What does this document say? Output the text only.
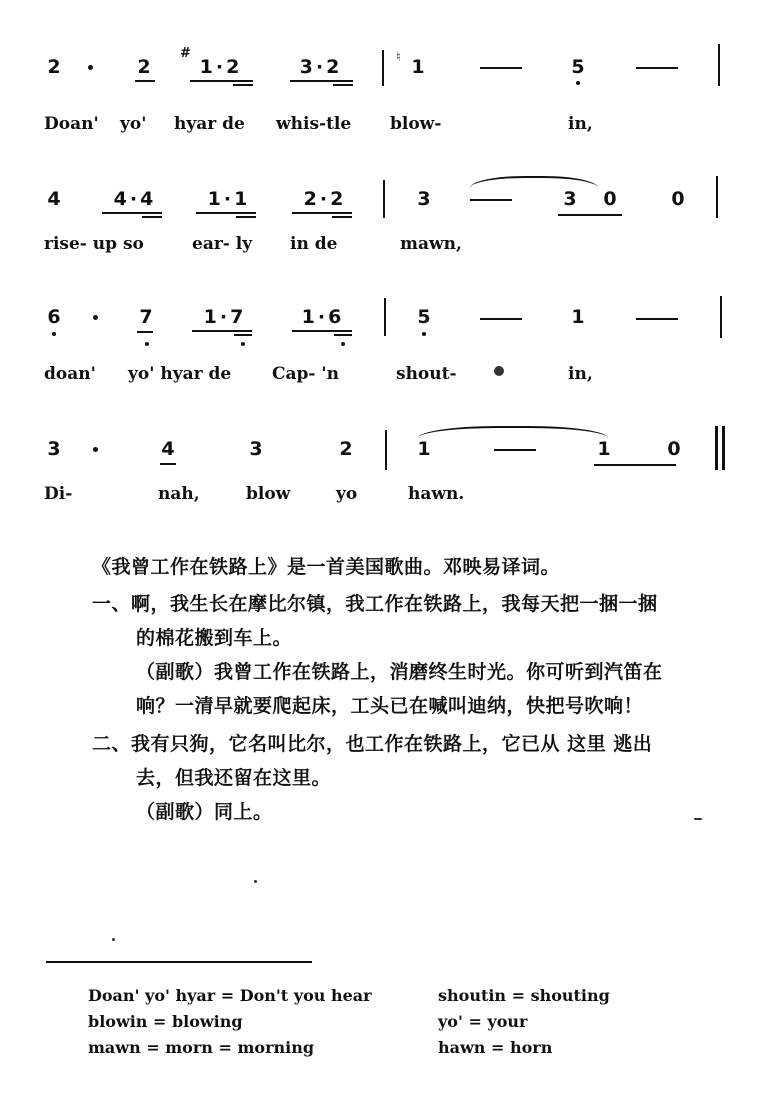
2	2
#
1·2	3·2	♮ 1	5
Doan' yo' hyar de whis-tle blow-	in,
4	4·4	1·1	2·2	3	3 0	0
rise- up so	ear- ly in de	mawn,
6	7	1·7	1·6	5	1
doan' yo' hyar de Cap- 'n	shout-	in,
3	4	3	2	1	1	0
Di-	nah,	blow	yo	hawn.
《我曾工作在铁路上》是一首美国歌曲。邓映易译词。
一、啊，我生长在摩比尔镇，我工作在铁路上，我每天把一捆一捆
的棉花搬到车上。
（副歌）我曾工作在铁路上，消磨终生时光。你可听到汽笛在
响？一清早就要爬起床，工头已在喊叫迪纳，快把号吹响！
二、我有只狗，它名叫比尔，也工作在铁路上，它已从 这里 逃出
去，但我还留在这里。
（副歌）同上。
Doan' yo' hyar = Don't you hear
blowin = blowing
mawn = morn = morning
shoutin = shouting
yo' = your
hawn = horn
